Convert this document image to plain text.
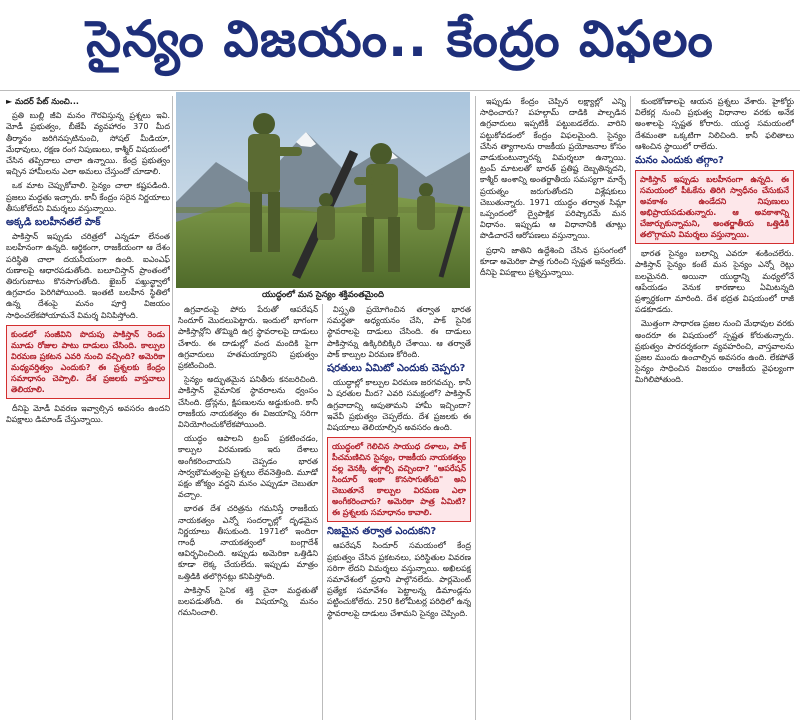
సైన్యం విజయం.. కేంద్రం విఫలం

► మదర్ పేట్ నుంచి...

ప్రతి బుల్లి జీవి మనం గౌరవిస్తున్న ప్రశ్నలు ఇవి. మోడీ ప్రభుత్వం, బీజేపీ వ్యవహారం 370 మీద తీర్మానం జరిగినప్పటినుంచి, సోషల్ మీడియా, మేధావులు, రక్షణ రంగ నిపుణులు, కాశ్మీర్ విషయంలో చేసిన తప్పిదాలు చాలా ఉన్నాయి. కేంద్ర ప్రభుత్వం ఇచ్చిన హామీలను ఎలా అమలు చేస్తుందో చూడాలి.

ఒక మాట చెప్పుకోవాలి. సైన్యం చాలా కష్టపడింది. ప్రజలు మద్దతు ఇచ్చారు. కానీ కేంద్రం సరైన నిర్ణయాలు తీసుకోలేదని విమర్శలు వస్తున్నాయి.

అక్కడి బలహీనతలే పాక్

పాకిస్తాన్ ఇప్పుడు చరిత్రలో ఎన్నడూ లేనంత బలహీనంగా ఉన్నది. ఆర్థికంగా, రాజకీయంగా ఆ దేశం పరిస్థితి చాలా దయనీయంగా ఉంది. ఐఎంఎఫ్ రుణాలపై ఆధారపడుతోంది. బలూచిస్తాన్ ప్రాంతంలో తిరుగుబాటు కొనసాగుతోంది. ఖైబర్ పఖ్తున్ఖ్వాలో ఉగ్రవాదం పెరిగిపోయింది. ఇంతటి బలహీన స్థితిలో ఉన్న దేశంపై మనం పూర్తి విజయం సాధించలేకపోయామనే విమర్శ వినిపిస్తోంది.

కుండలో సంజీవిని పొదుపు పాకిస్తాన్ రెండు మూడు రోజుల పాటు దాడులు చేసింది. కాల్పుల విరమణ ప్రకటన ఎవరి నుంచి వచ్చింది? అమెరికా మధ్యవర్తిత్వం ఎందుకు? ఈ ప్రశ్నలకు కేంద్రం సమాధానం చెప్పాలి. దేశ ప్రజలకు వాస్తవాలు తెలియాలి.

దీనిపై మోడీ వివరణ ఇవ్వాల్సిన అవసరం ఉందని విపక్షాలు డిమాండ్ చేస్తున్నాయి.

యుద్ధంలో మన సైన్యం శక్తివంతమైంది

ఉగ్రవాదంపై పోరు పేరుతో ఆపరేషన్ సిందూర్ మొదలుపెట్టారు. ఇందులో భాగంగా పాకిస్తాన్లోని తొమ్మిది ఉగ్ర స్థావరాలపై దాడులు చేశారు. ఈ దాడుల్లో వంద మందికి పైగా ఉగ్రవాదులు హతమయ్యారని ప్రభుత్వం ప్రకటించింది.

సైన్యం అద్భుతమైన పనితీరు కనబరిచింది. పాకిస్తాన్ వైమానిక స్థావరాలను ధ్వంసం చేసింది. డ్రోన్లను, క్షిపణులను అడ్డుకుంది. కానీ రాజకీయ నాయకత్వం ఈ విజయాన్ని సరిగా వినియోగించుకోలేకపోయింది.

యుద్ధం ఆపాలని ట్రంప్ ప్రకటించడం, కాల్పుల విరమణకు ఇరు దేశాలు అంగీకరించాయని చెప్పడం భారత సార్వభౌమత్వంపై ప్రశ్నలు లేవనెత్తింది. మూడో పక్షం జోక్యం వద్దని మనం ఎప్పుడూ చెబుతూ వచ్చాం.

భారత దేశ చరిత్రను గమనిస్తే రాజకీయ నాయకత్వం ఎన్నో సందర్భాల్లో దృఢమైన నిర్ణయాలు తీసుకుంది. 1971లో ఇందిరా గాంధీ నాయకత్వంలో బంగ్లాదేశ్ ఆవిర్భవించింది. అప్పుడు అమెరికా ఒత్తిడిని కూడా లెక్క చేయలేదు. ఇప్పుడు మాత్రం ఒత్తిడికి తలొగ్గినట్లు కనిపిస్తోంది.

పాకిస్తాన్ సైనిక శక్తి చైనా మద్దతుతో బలపడుతోంది. ఈ విషయాన్ని మనం గమనించాలి.

విస్తృతి ప్రయోగించిన తర్వాత భారత సమర్థతా అధ్యయనం చేసి, పాక్ సైనిక స్థావరాలపై దాడులు చేసింది. ఈ దాడులు పాకిస్తాన్ను ఉక్కిరిబిక్కిరి చేశాయి. ఆ తర్వాతే పాక్ కాల్పుల విరమణ కోరింది.

షరతులు ఏమిటో ఎందుకు చెప్పరు?

యుద్ధాల్లో కాల్పుల విరమణ జరగవచ్చు. కానీ ఏ షరతుల మీద? ఎవరి సమక్షంలో? పాకిస్తాన్ ఉగ్రవాదాన్ని ఆపుతామని హామీ ఇచ్చిందా? ఇవేవీ ప్రభుత్వం చెప్పలేదు. దేశ ప్రజలకు ఈ విషయాలు తెలియాల్సిన అవసరం ఉంది.

యుద్ధంలో గెలిచిన సాయుధ దళాలు, పాక్ పీచమణిచిన సైన్యం, రాజకీయ నాయకత్వం వల్ల వెనక్కి తగ్గాల్సి వచ్చిందా? "ఆపరేషన్ సిందూర్ ఇంకా కొనసాగుతోంది" అని చెబుతూనే కాల్పుల విరమణ ఎలా అంగీకరించారు? అమెరికా పాత్ర ఏమిటి? ఈ ప్రశ్నలకు సమాధానం కావాలి.

నిజమైన తర్వాత ఎందుకని?

ఆపరేషన్ సిందూర్ సమయంలో కేంద్ర ప్రభుత్వం చేసిన ప్రకటనలు, పరిస్థితుల వివరణ సరిగా లేదని విమర్శలు వస్తున్నాయి. అఖిలపక్ష సమావేశంలో ప్రధాని పాల్గొనలేదు. పార్లమెంట్ ప్రత్యేక సమావేశం పెట్టాలన్న డిమాండ్లను పట్టించుకోలేదు. 250 కిలోమీటర్ల పరిధిలో ఉన్న స్థావరాలపై దాడులు చేశామని సైన్యం చెప్పింది.

ఇప్పుడు కేంద్రం చెప్పిన లక్ష్యాల్లో ఎన్ని సాధించారు? పహల్గామ్ దాడికి పాల్పడిన ఉగ్రవాదులు ఇప్పటికీ పట్టుబడలేదు. వారిని పట్టుకోవడంలో కేంద్రం విఫలమైంది. సైన్యం చేసిన త్యాగాలను రాజకీయ ప్రయోజనాల కోసం వాడుకుంటున్నారన్న విమర్శలూ ఉన్నాయి. ట్రంప్ మాటలతో భారత్ ప్రతిష్ట దెబ్బతిన్నదని, కాశ్మీర్ అంశాన్ని అంతర్జాతీయ సమస్యగా మార్చే ప్రయత్నం జరుగుతోందని విశ్లేషకులు చెబుతున్నారు. 1971 యుద్ధం తర్వాత సిమ్లా ఒప్పందంలో ద్వైపాక్షిక పరిష్కారమే మన విధానం. ఇప్పుడు ఆ విధానానికి తూట్లు పొడిచారనే ఆరోపణలు వస్తున్నాయి.

ప్రధాని జాతిని ఉద్దేశించి చేసిన ప్రసంగంలో కూడా అమెరికా పాత్ర గురించి స్పష్టత ఇవ్వలేదు. దీనిపై విపక్షాలు ప్రశ్నిస్తున్నాయి.

కుంభకోణాలపై ఆయన ప్రశ్నలు వేశారు. హైకోర్టు విలేకర్ల నుంచి ప్రభుత్వ విధానాల వరకు అనేక అంశాలపై స్పష్టత కోరారు. యుద్ధ సమయంలో దేశమంతా ఒక్కటిగా నిలిచింది. కానీ ఫలితాలు ఆశించిన స్థాయిలో రాలేదు.

మనం ఎందుకు తగ్గాం?

పాకిస్తాన్ ఇప్పుడు బలహీనంగా ఉన్నది. ఈ సమయంలో పీఓకేను తిరిగి స్వాధీనం చేసుకునే అవకాశం ఉండేదని నిపుణులు అభిప్రాయపడుతున్నారు. ఆ అవకాశాన్ని చేజార్చుకున్నామని, అంతర్జాతీయ ఒత్తిడికి తలొగ్గామని విమర్శలు వస్తున్నాయి.

భారత సైన్యం బలాన్ని ఎవరూ శంకించలేరు. పాకిస్తాన్ సైన్యం కంటే మన సైన్యం ఎన్నో రెట్లు బలమైనది. అయినా యుద్ధాన్ని మధ్యలోనే ఆపేయడం వెనుక కారణాలు ఏమిటన్నది ప్రశ్నార్థకంగా మారింది. దేశ భద్రత విషయంలో రాజీ పడకూడదు.

మొత్తంగా సాధారణ ప్రజల నుంచి మేధావుల వరకు అందరూ ఈ విషయంలో స్పష్టత కోరుతున్నారు. ప్రభుత్వం పారదర్శకంగా వ్యవహరించి, వాస్తవాలను ప్రజల ముందు ఉంచాల్సిన అవసరం ఉంది. లేకపోతే సైన్యం సాధించిన విజయం రాజకీయ వైఫల్యంగా మిగిలిపోతుంది.
